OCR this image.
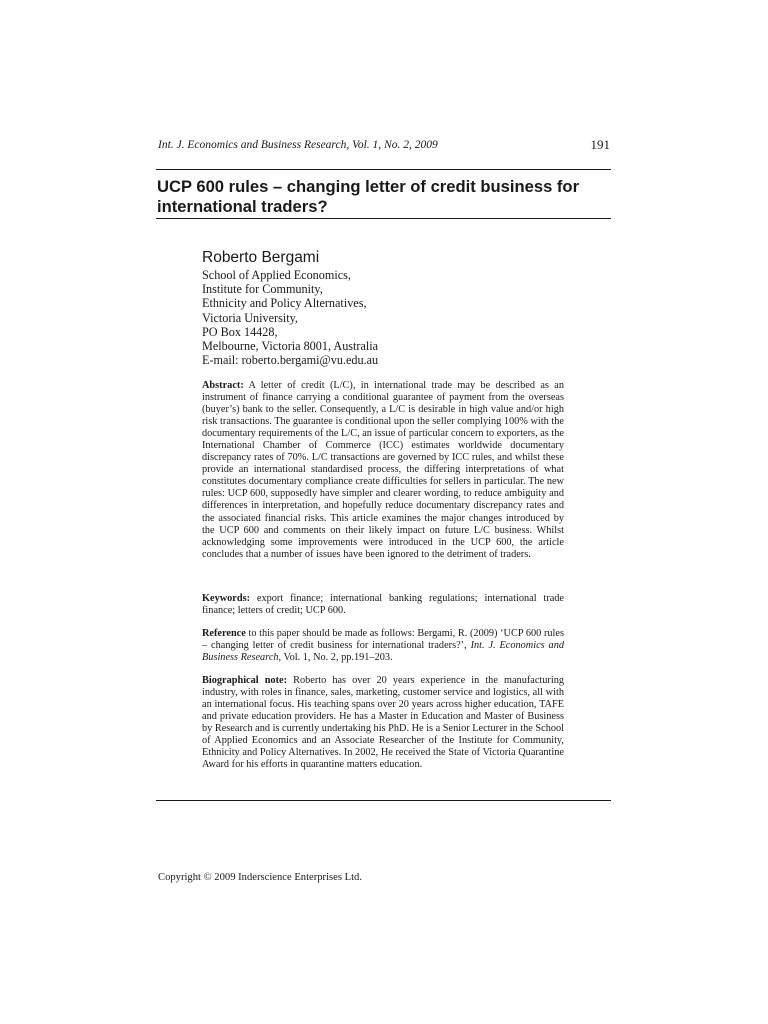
Int. J. Economics and Business Research, Vol. 1, No. 2, 2009	191
UCP 600 rules – changing letter of credit business for
international traders?
Roberto Bergami
School of Applied Economics,
Institute for Community,
Ethnicity and Policy Alternatives,
Victoria University,
PO Box 14428,
Melbourne, Victoria 8001, Australia
E-mail: roberto.bergami@vu.edu.au

Abstract: A letter of credit (L/C), in international trade may be described as an instrument of finance carrying a conditional guarantee of payment from the overseas (buyer’s) bank to the seller. Consequently, a L/C is desirable in high value and/or high risk transactions. The guarantee is conditional upon the seller complying 100% with the documentary requirements of the L/C, an issue of particular concern to exporters, as the International Chamber of Commerce (ICC) estimates worldwide documentary discrepancy rates of 70%. L/C transactions are governed by ICC rules, and whilst these provide an international standardised process, the differing interpretations of what constitutes documentary compliance create difficulties for sellers in particular. The new rules: UCP 600, supposedly have simpler and clearer wording, to reduce ambiguity and differences in interpretation, and hopefully reduce documentary discrepancy rates and the associated financial risks. This article examines the major changes introduced by the UCP 600 and comments on their likely impact on future L/C business. Whilst acknowledging some improvements were introduced in the UCP 600, the article concludes that a number of issues have been ignored to the detriment of traders.

Keywords: export finance; international banking regulations; international trade finance; letters of credit; UCP 600.

Reference to this paper should be made as follows: Bergami, R. (2009) ‘UCP 600 rules – changing letter of credit business for international traders?’, Int. J. Economics and Business Research, Vol. 1, No. 2, pp.191–203.

Biographical note: Roberto has over 20 years experience in the manufacturing industry, with roles in finance, sales, marketing, customer service and logistics, all with an international focus. His teaching spans over 20 years across higher education, TAFE and private education providers. He has a Master in Education and Master of Business by Research and is currently undertaking his PhD. He is a Senior Lecturer in the School of Applied Economics and an Associate Researcher of the Institute for Community, Ethnicity and Policy Alternatives. In 2002, He received the State of Victoria Quarantine Award for his efforts in quarantine matters education.

Copyright © 2009 Inderscience Enterprises Ltd.
